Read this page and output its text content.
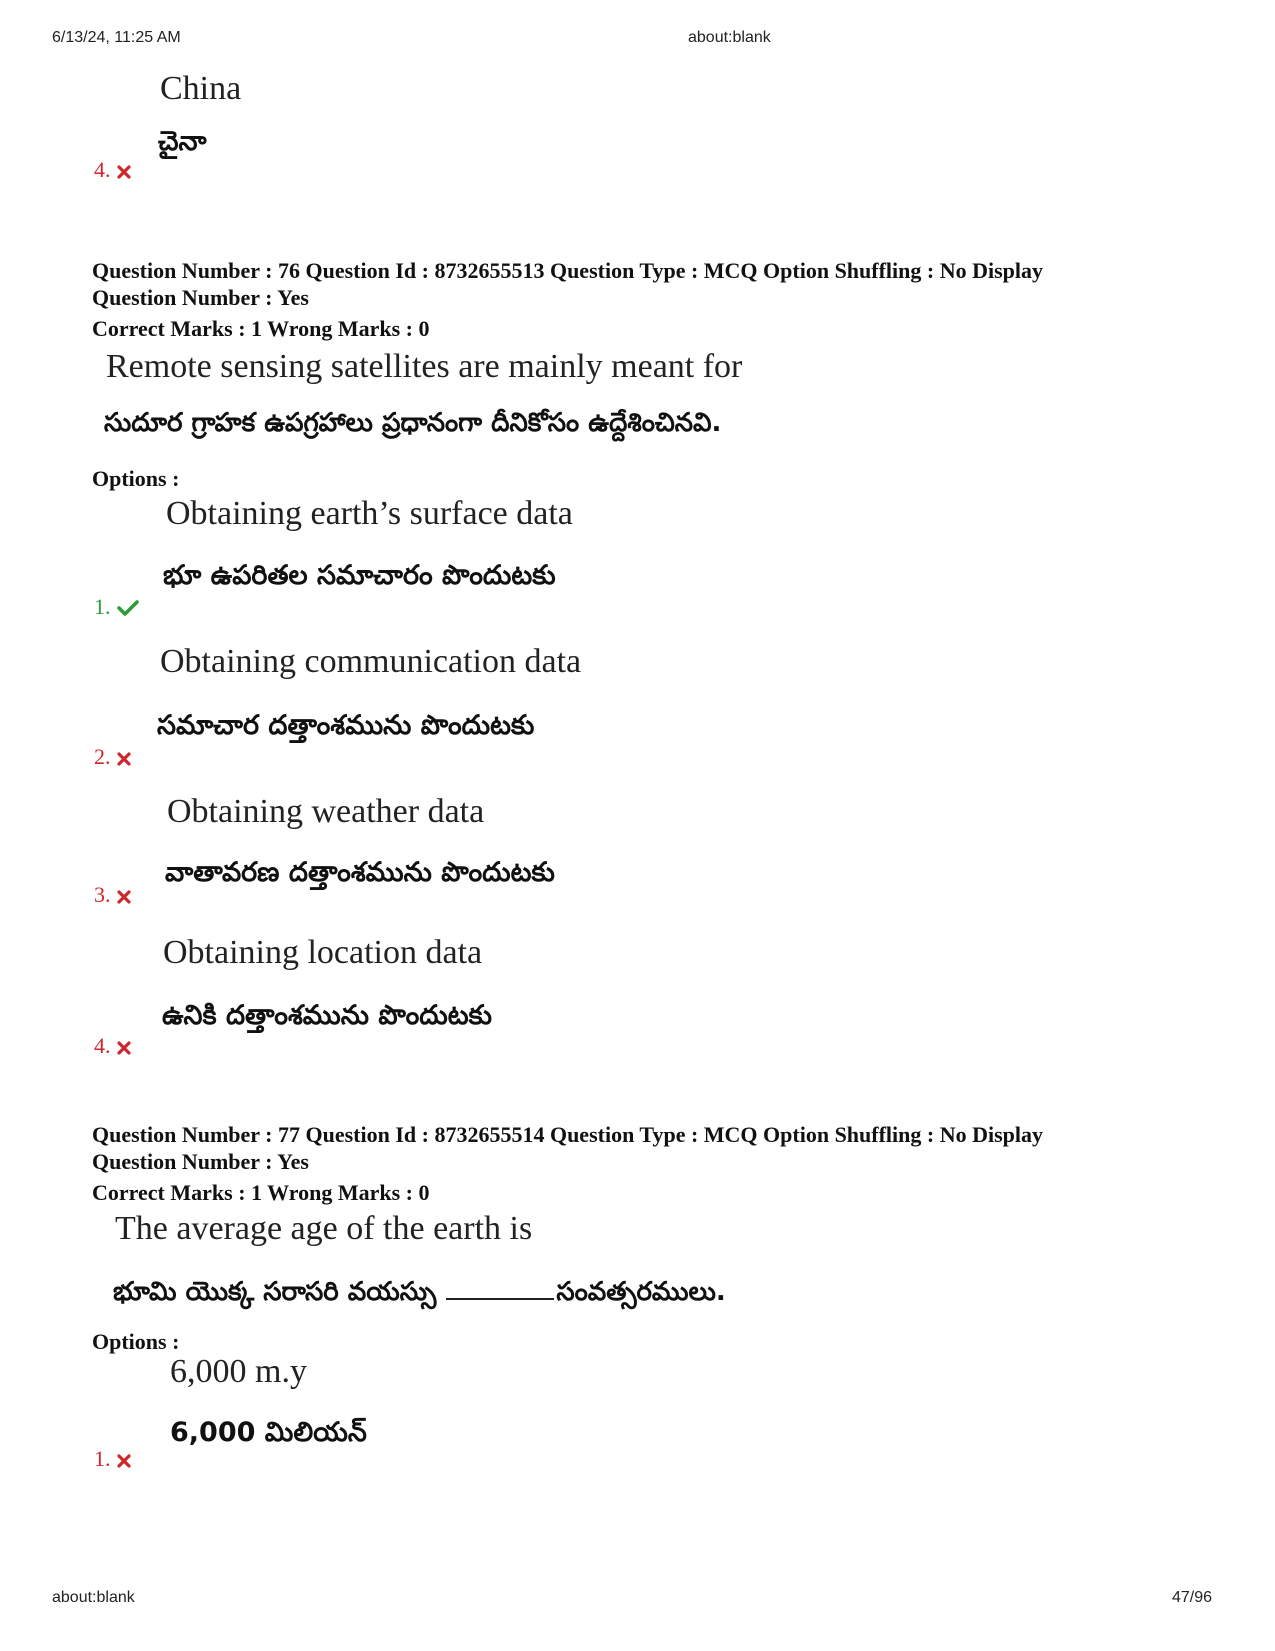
6/13/24, 11:25 AM	about:blank
about:blank	47/96
China
చైనా
4.
Question Number : 76 Question Id : 8732655513 Question Type : MCQ Option Shuffling : No Display
Question Number : Yes
Correct Marks : 1 Wrong Marks : 0
Remote sensing satellites are mainly meant for
సుదూర గ్రాహక ఉపగ్రహాలు ప్రధానంగా దీనికోసం ఉద్దేశించినవి.
Options :
Obtaining earth’s surface data
భూ ఉపరితల సమాచారం పొందుటకు
1.
Obtaining communication data
సమాచార దత్తాంశమును పొందుటకు
2.
Obtaining weather data
వాతావరణ దత్తాంశమును పొందుటకు
3.
Obtaining location data
ఉనికి దత్తాంశమును పొందుటకు
4.
Question Number : 77 Question Id : 8732655514 Question Type : MCQ Option Shuffling : No Display
Question Number : Yes
Correct Marks : 1 Wrong Marks : 0
The average age of the earth is
భూమి యొక్క సరాసరి వయస్సు	సంవత్సరములు.
Options :
6,000 m.y
6,000 మిలియన్
1.
